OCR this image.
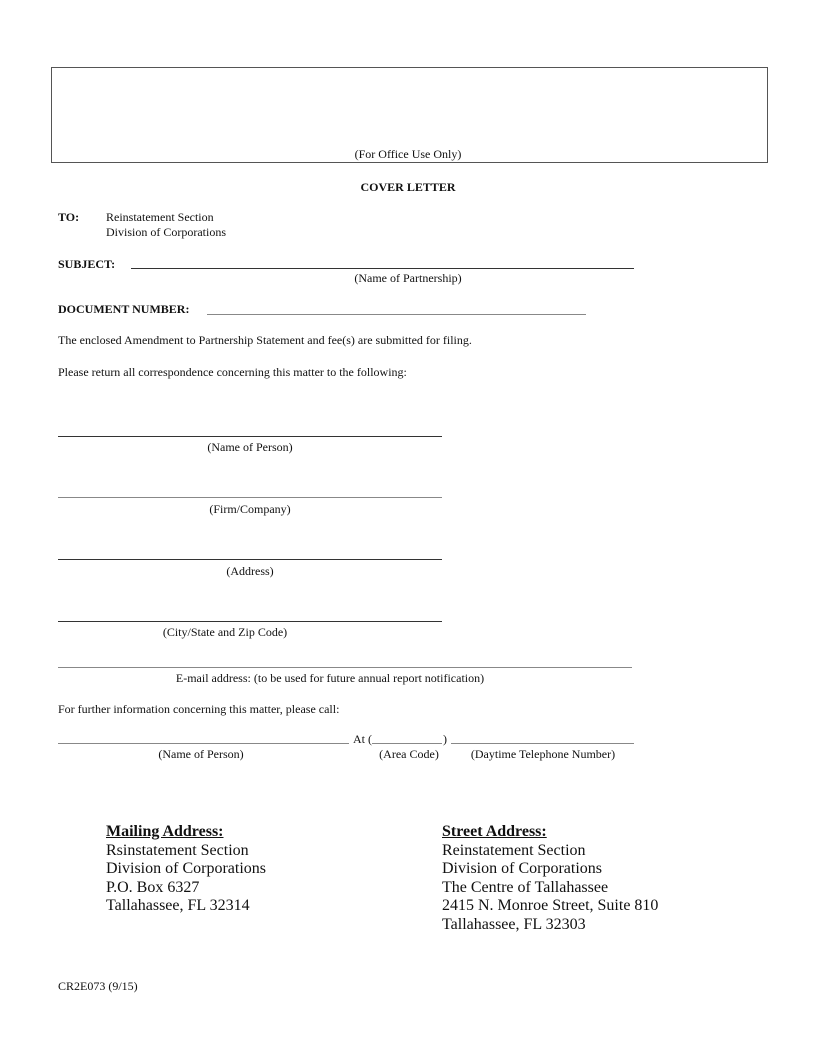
(For Office Use Only)
COVER LETTER
TO: Reinstatement Section
Division of Corporations
SUBJECT:
(Name of Partnership)
DOCUMENT NUMBER:
The enclosed Amendment to Partnership Statement and fee(s) are submitted for filing.
Please return all correspondence concerning this matter to the following:
(Name of Person)
(Firm/Company)
(Address)
(City/State and Zip Code)
E-mail address: (to be used for future annual report notification)
For further information concerning this matter, please call:
At (	)
(Name of Person)	(Area Code)	(Daytime Telephone Number)
Mailing Address:
Rsinstatement Section
Division of Corporations
P.O. Box 6327
Tallahassee, FL 32314
Street Address:
Reinstatement Section
Division of Corporations
The Centre of Tallahassee
2415 N. Monroe Street, Suite 810
Tallahassee, FL 32303
CR2E073 (9/15)
